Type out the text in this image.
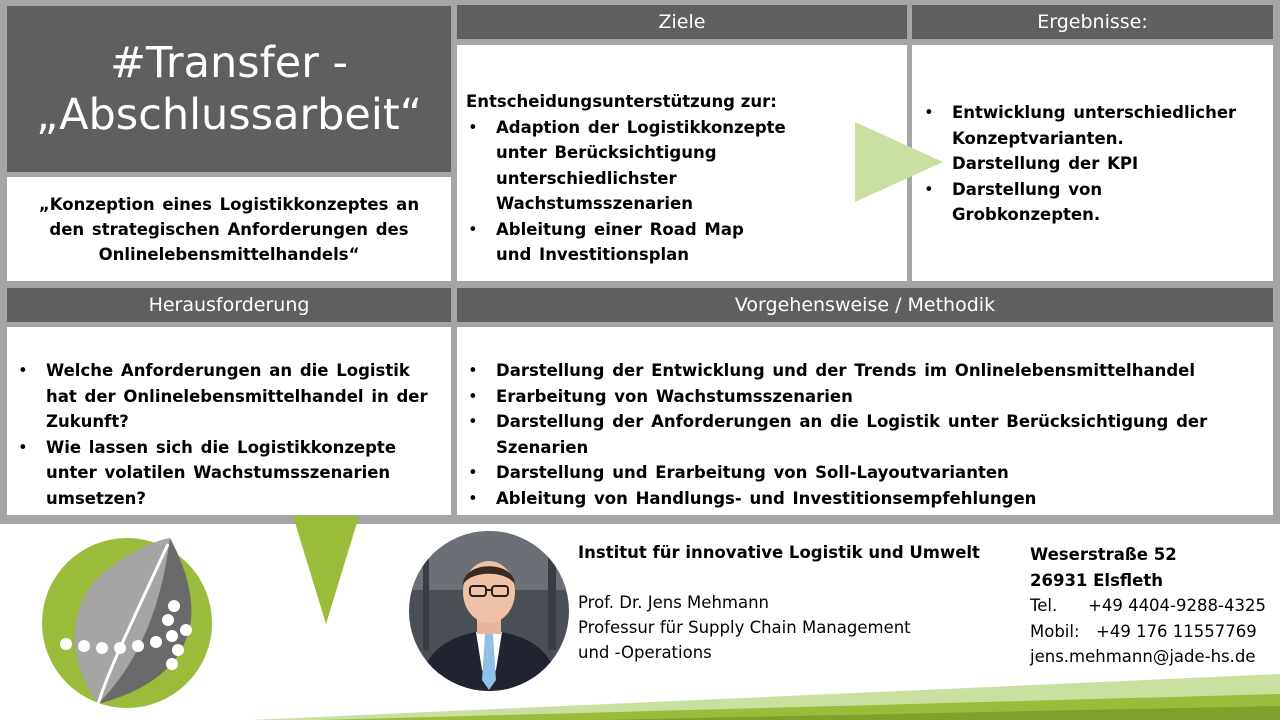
#Transfer -
„Abschlussarbeit“

„Konzeption eines Logistikkonzeptes an den strategischen Anforderungen des Onlinelebensmittelhandels“

Ziele
Entscheidungsunterstützung zur:
• Adaption der Logistikkonzepte unter Berücksichtigung unterschiedlichster Wachstumsszenarien
• Ableitung einer Road Map und Investitionsplan
Ergebnisse:
• Entwicklung unterschiedlicher Konzeptvarianten.
• Darstellung der KPI
• Darstellung von Grobkonzepten.
Herausforderung
• Welche Anforderungen an die Logistik hat der Onlinelebensmittelhandel in der Zukunft?
• Wie lassen sich die Logistikkonzepte unter volatilen Wachstumsszenarien umsetzen?
Vorgehensweise / Methodik
• Darstellung der Entwicklung und der Trends im Onlinelebensmittelhandel
• Erarbeitung von Wachstumsszenarien
• Darstellung der Anforderungen an die Logistik unter Berücksichtigung der Szenarien
• Darstellung und Erarbeitung von Soll-Layoutvarianten
• Ableitung von Handlungs- und Investitionsempfehlungen
Institut für innovative Logistik und Umwelt
Prof. Dr. Jens Mehmann
Professur für Supply Chain Management
und -Operations
Weserstraße 52
26931 Elsfleth
Tel. +49 4404-9288-4325
Mobil: +49 176 11557769
jens.mehmann@jade-hs.de
